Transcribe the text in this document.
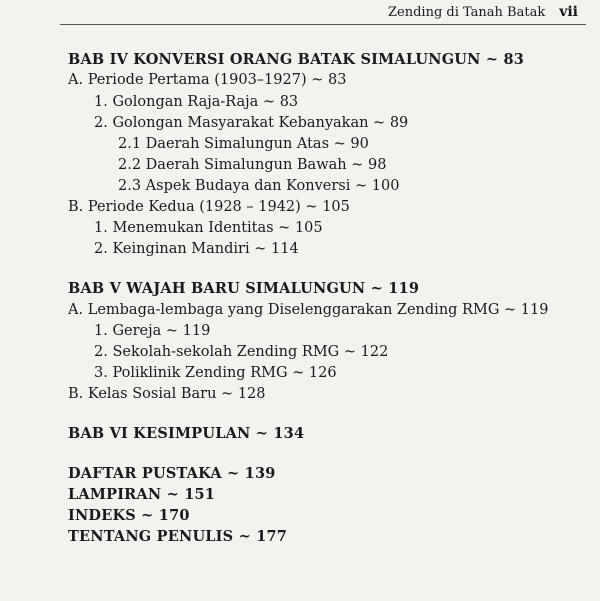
Zending di Tanah Batak vii
BAB IV KONVERSI ORANG BATAK SIMALUNGUN ~ 83
A. Periode Pertama (1903–1927) ~ 83
1. Golongan Raja-Raja ~ 83
2. Golongan Masyarakat Kebanyakan ~ 89
2.1 Daerah Simalungun Atas ~ 90
2.2 Daerah Simalungun Bawah ~ 98
2.3 Aspek Budaya dan Konversi ~ 100
B. Periode Kedua (1928 – 1942) ~ 105
1. Menemukan Identitas ~ 105
2. Keinginan Mandiri ~ 114
BAB V WAJAH BARU SIMALUNGUN ~ 119
A. Lembaga-lembaga yang Diselenggarakan Zending RMG ~ 119
1. Gereja ~ 119
2. Sekolah-sekolah Zending RMG ~ 122
3. Poliklinik Zending RMG ~ 126
B. Kelas Sosial Baru ~ 128
BAB VI KESIMPULAN ~ 134
DAFTAR PUSTAKA ~ 139
LAMPIRAN ~ 151
INDEKS ~ 170
TENTANG PENULIS ~ 177
